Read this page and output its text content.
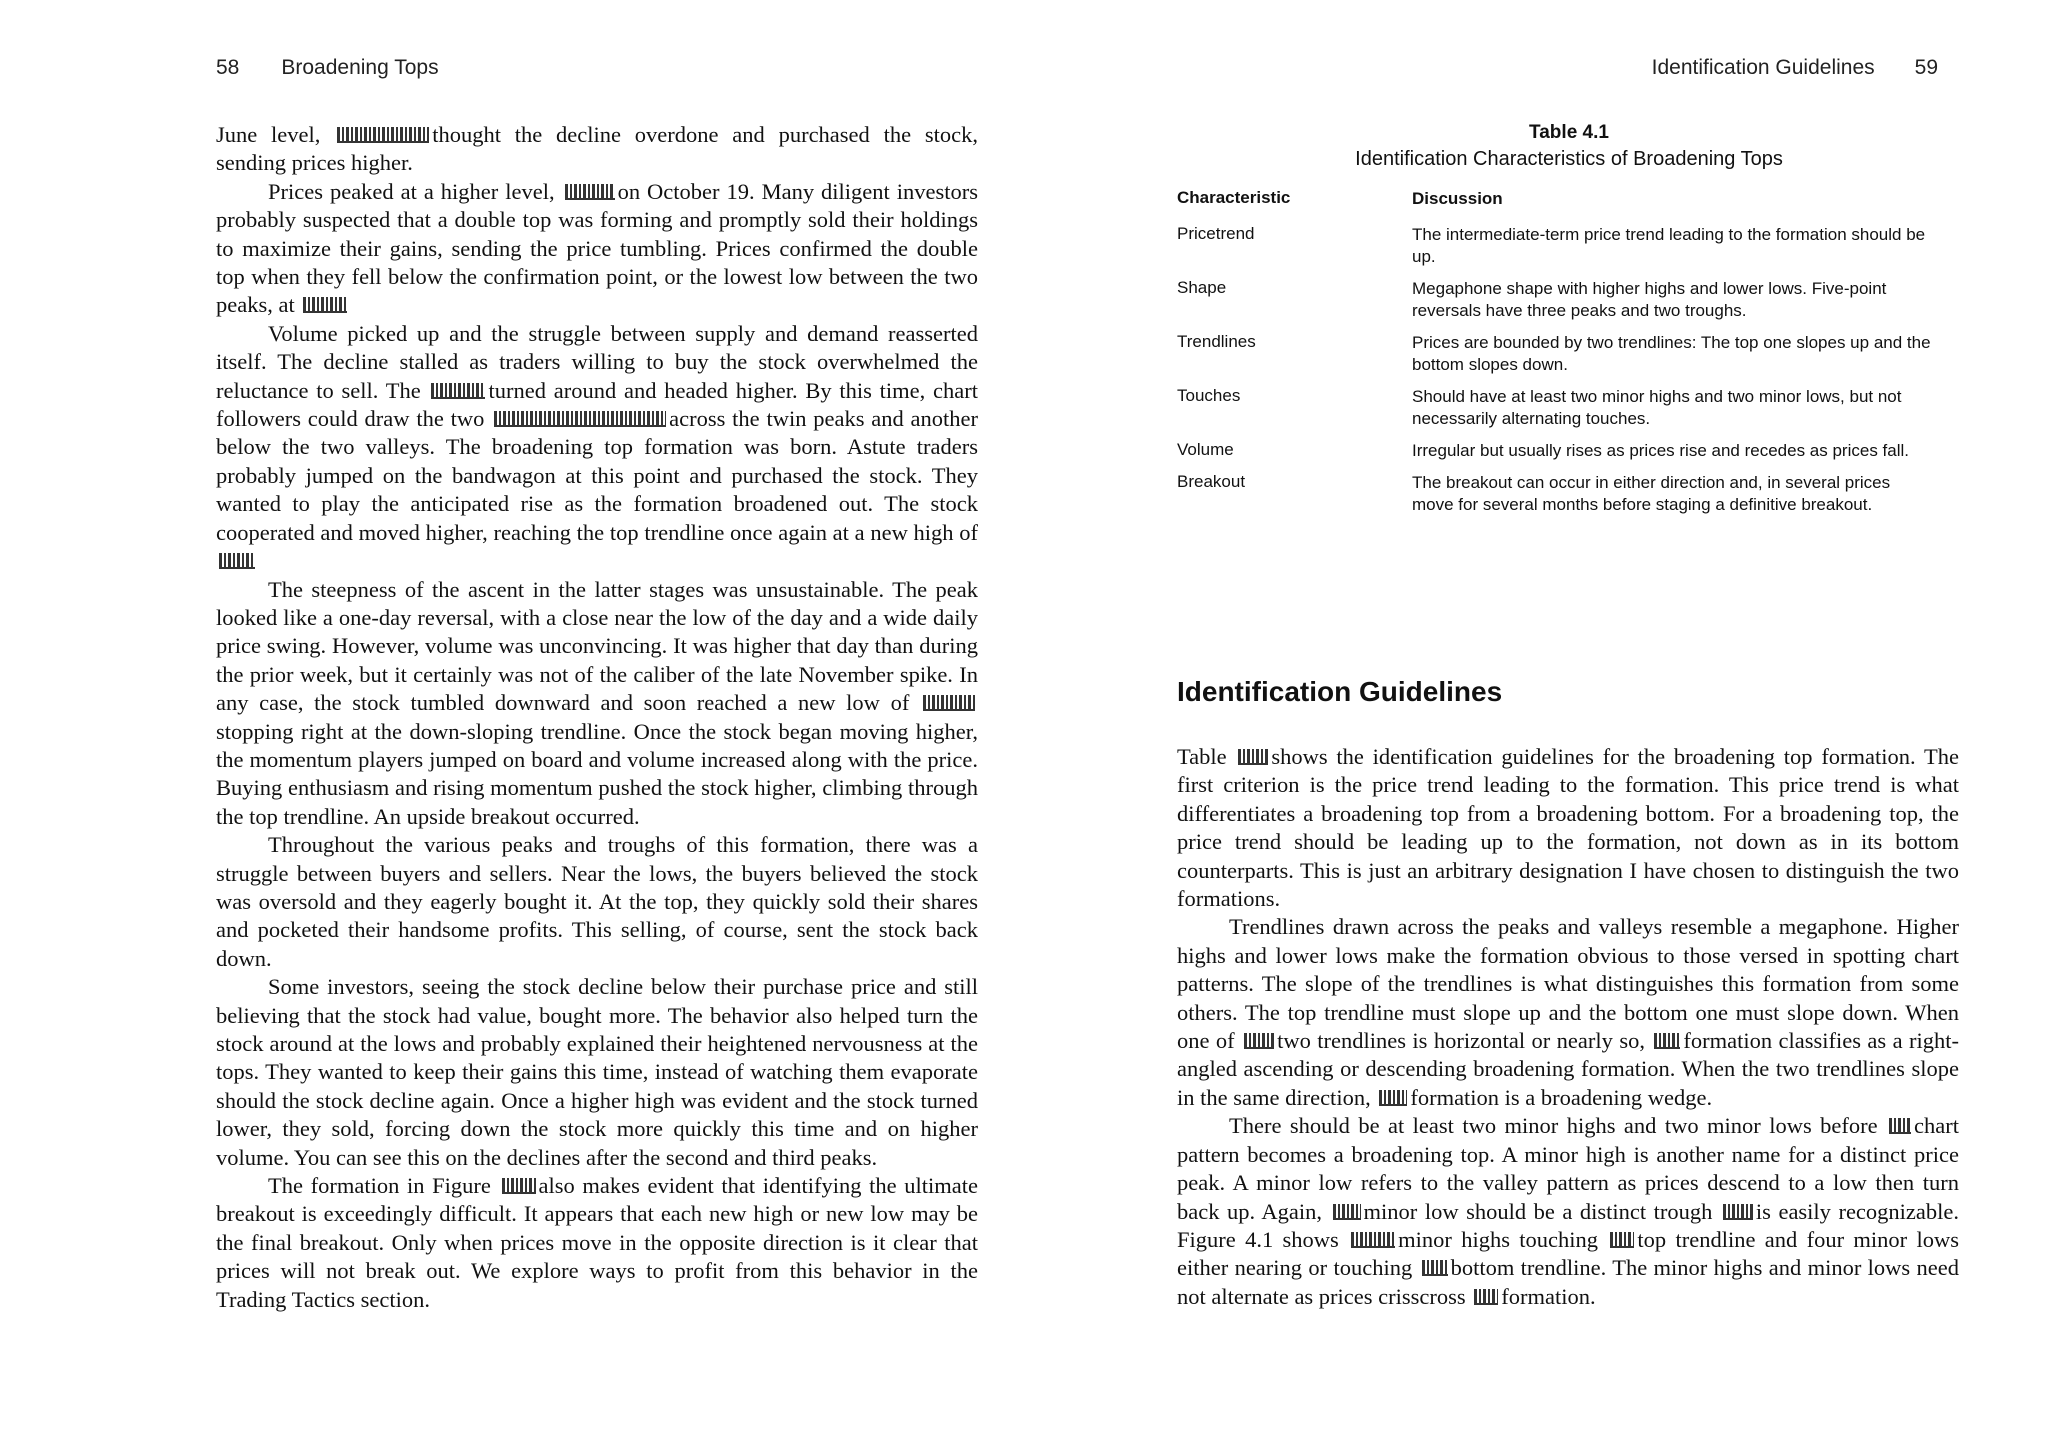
58 Broadening Tops

June level,	thought the decline overdone and purchased the stock, sending prices higher.

Prices peaked at a higher level, on October 19. Many diligent investors probably suspected that a double top was forming and promptly sold their holdings to maximize their gains, sending the price tumbling. Prices confirmed the double top when they fell below the confirmation point, or the lowest low between the two peaks, at

Volume picked up and the struggle between supply and demand reasserted itself. The decline stalled as traders willing to buy the stock overwhelmed the reluctance to sell. The	turned around and headed higher. By this time, chart followers could draw the two	across the twin peaks and another below the two valleys. The broadening top formation was born. Astute traders probably jumped on the bandwagon at this point and purchased the stock. They wanted to play the anticipated rise as the formation broadened out. The stock cooperated and moved higher, reaching the top trendline once again at a new high of

The steepness of the ascent in the latter stages was unsustainable. The peak looked like a one-day reversal, with a close near the low of the day and a wide daily price swing. However, volume was unconvincing. It was higher that day than during the prior week, but it certainly was not of the caliber of the late November spike. In any case, the stock tumbled downward and soon reached a new low of stopping right at the down-sloping trendline. Once the stock began moving higher, the momentum players jumped on board and volume increased along with the price. Buying enthusiasm and rising momentum pushed the stock higher, climbing through the top trendline. An upside breakout occurred.

Throughout the various peaks and troughs of this formation, there was a struggle between buyers and sellers. Near the lows, the buyers believed the stock was oversold and they eagerly bought it. At the top, they quickly sold their shares and pocketed their handsome profits. This selling, of course, sent the stock back down.

Some investors, seeing the stock decline below their purchase price and still believing that the stock had value, bought more. The behavior also helped turn the stock around at the lows and probably explained their heightened nervousness at the tops. They wanted to keep their gains this time, instead of watching them evaporate should the stock decline again. Once a higher high was evident and the stock turned lower, they sold, forcing down the stock more quickly this time and on higher volume. You can see this on the declines after the second and third peaks.

The formation in Figure also makes evident that identifying the ultimate breakout is exceedingly difficult. It appears that each new high or new low may be the final breakout. Only when prices move in the opposite direction is it clear that prices will not break out. We explore ways to profit from this behavior in the Trading Tactics section.

Identification Guidelines 59
Table 4.1
Identification Characteristics of Broadening Tops
Characteristic	Discussion
Pricetrend	The intermediate-term price trend leading to the formation should be up.
Shape	Megaphone shape with higher highs and lower lows. Five-point reversals have three peaks and two troughs.
Trendlines	Prices are bounded by two trendlines: The top one slopes up and the bottom slopes down.
Touches	Should have at least two minor highs and two minor lows, but not necessarily alternating touches.
Volume	Irregular but usually rises as prices rise and recedes as prices fall.
Breakout	The breakout can occur in either direction and, in several prices move for several months before staging a definitive breakout.
Identification Guidelines

Table shows the identification guidelines for the broadening top formation. The first criterion is the price trend leading to the formation. This price trend is what differentiates a broadening top from a broadening bottom. For a broadening top, the price trend should be leading up to the formation, not down as in its bottom counterparts. This is just an arbitrary designation I have chosen to distinguish the two formations.

Trendlines drawn across the peaks and valleys resemble a megaphone. Higher highs and lower lows make the formation obvious to those versed in spotting chart patterns. The slope of the trendlines is what distinguishes this formation from some others. The top trendline must slope up and the bottom one must slope down. When one of two trendlines is horizontal or nearly so, formation classifies as a right-angled ascending or descending broadening formation. When the two trendlines slope in the same direction, formation is a broadening wedge.

There should be at least two minor highs and two minor lows before chart pattern becomes a broadening top. A minor high is another name for a distinct price peak. A minor low refers to the valley pattern as prices descend to a low then turn back up. Again, minor low should be a distinct trough is easily recognizable. Figure 4.1 shows minor highs touching top trendline and four minor lows either nearing or touching bottom trendline. The minor highs and minor lows need not alternate as prices crisscross formation.
